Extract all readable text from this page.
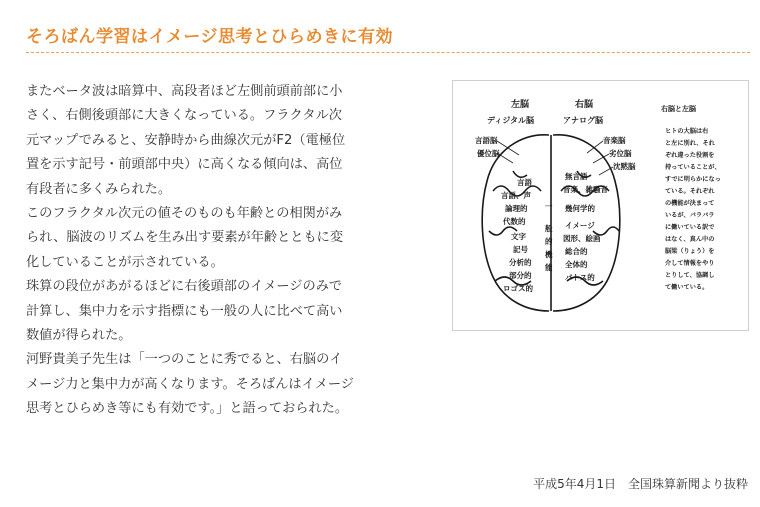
そろばん学習はイメージ思考とひらめきに有効

またベータ波は暗算中、高段者ほど左側前頭前部に小さく、右側後頭部に大きくなっている。フラクタル次元マップでみると、安静時から曲線次元がF2（電極位置を示す記号・前頭部中央）に高くなる傾向は、高位有段者に多くみられた。

このフラクタル次元の値そのものも年齢との相関がみられ、脳波のリズムを生み出す要素が年齢とともに変化していることが示されている。

珠算の段位があがるほどに右後頭部のイメージのみで計算し、集中力を示す指標にも一般の人に比べて高い数値が得られた。

河野貴美子先生は「一つのことに秀でると、右脳のイメージ力と集中力が高くなります。そろばんはイメージ思考とひらめき等にも有効です。」と語っておられた。

左脳
ディジタル脳
右脳
アナログ脳
言語脳
優位脳
音楽脳
劣位脳
沈黙脳
言語
言語、声
論理的
代数的
文字
記号
分析的
部分的
ロゴス的
一
般
的
機
能
無言語
音楽、雑騒音
幾何学的
イメージ
図形、絵画
総合的
全体的
パトス的
右脳と左脳
ヒトの大脳は右
と左に別れ、それ
ぞれ違った役割を
持っていることが、
すでに明らかになっ
ている。それぞれ
の機能が決まって
いるが、バラバラ
に働いている訳で
はなく、真ん中の
脳梁（りょう）を
介して情報をやり
とりして、協調し
て働いている。
平成5年4月1日　全国珠算新聞より抜粋
